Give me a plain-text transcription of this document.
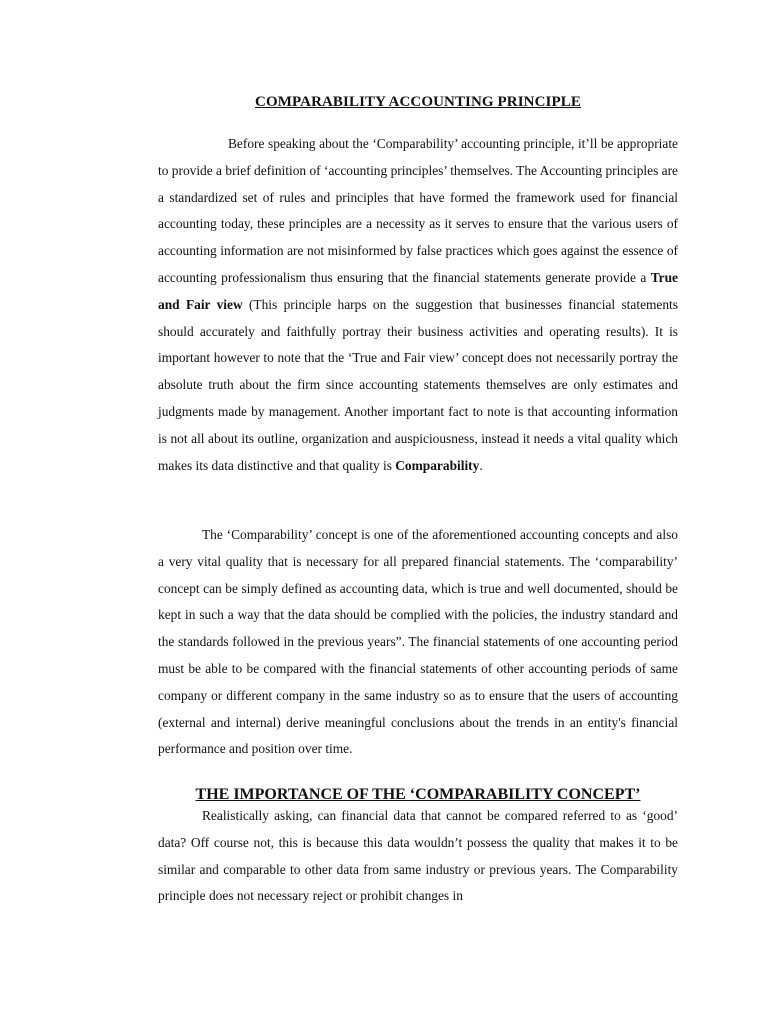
COMPARABILITY ACCOUNTING PRINCIPLE

Before speaking about the ‘Comparability’ accounting principle, it’ll be appropriate to provide a brief definition of ‘accounting principles’ themselves. The Accounting principles are a standardized set of rules and principles that have formed the framework used for financial accounting today, these principles are a necessity as it serves to ensure that the various users of accounting information are not misinformed by false practices which goes against the essence of accounting professionalism thus ensuring that the financial statements generate provide a True and Fair view (This principle harps on the suggestion that businesses financial statements should accurately and faithfully portray their business activities and operating results). It is important however to note that the ‘True and Fair view’ concept does not necessarily portray the absolute truth about the firm since accounting statements themselves are only estimates and judgments made by management. Another important fact to note is that accounting information is not all about its outline, organization and auspiciousness, instead it needs a vital quality which makes its data distinctive and that quality is Comparability.

The ‘Comparability’ concept is one of the aforementioned accounting concepts and also a very vital quality that is necessary for all prepared financial statements. The ‘comparability’ concept can be simply defined as accounting data, which is true and well documented, should be kept in such a way that the data should be complied with the policies, the industry standard and the standards followed in the previous years”. The financial statements of one accounting period must be able to be compared with the financial statements of other accounting periods of same company or different company in the same industry so as to ensure that the users of accounting (external and internal) derive meaningful conclusions about the trends in an entity's financial performance and position over time.

THE IMPORTANCE OF THE ‘COMPARABILITY CONCEPT’

Realistically asking, can financial data that cannot be compared referred to as ‘good’ data? Off course not, this is because this data wouldn’t possess the quality that makes it to be similar and comparable to other data from same industry or previous years. The Comparability principle does not necessary reject or prohibit changes in
